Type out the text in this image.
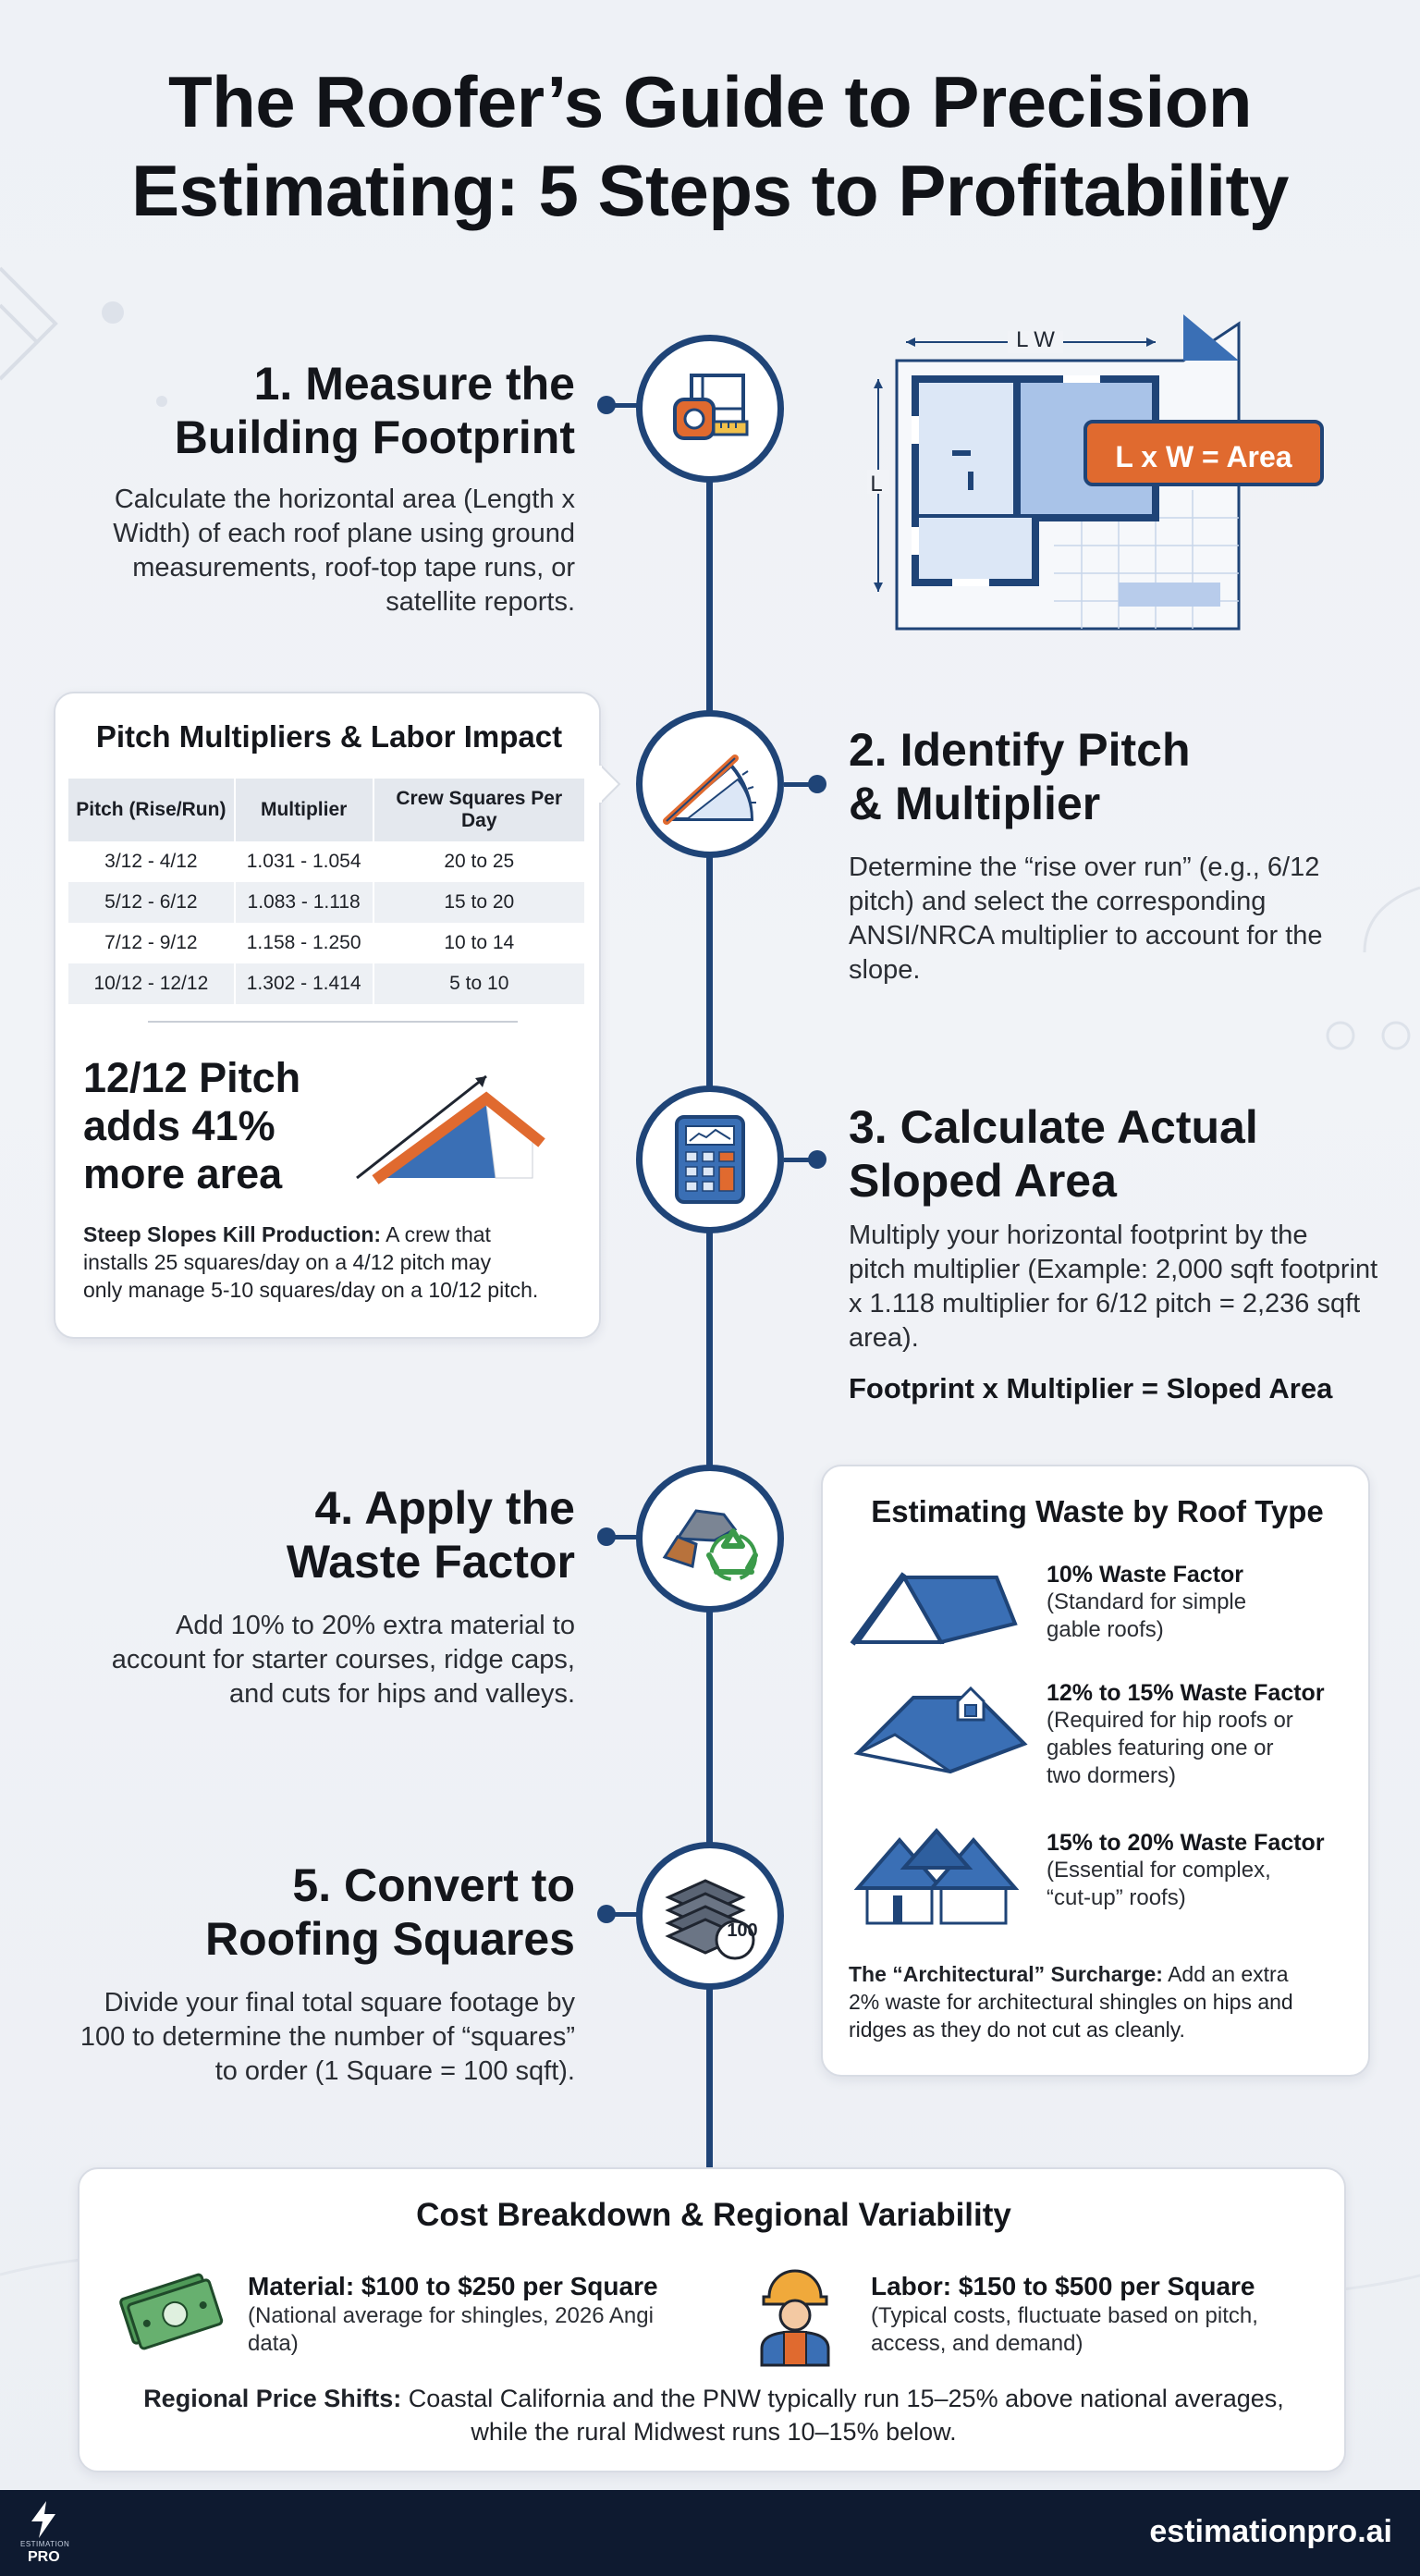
The Roofer’s Guide to Precision
Estimating: 5 Steps to Profitability
1. Measure the
Building Footprint
Calculate the horizontal area (Length x
Width) of each roof plane using ground
measurements, roof-top tape runs, or
satellite reports.
L W
L
L x W = Area
2. Identify Pitch
& Multiplier
Determine the “rise over run” (e.g., 6/12
pitch) and select the corresponding
ANSI/NRCA multiplier to account for the
slope.
Pitch Multipliers & Labor Impact
Pitch (Rise/Run)	Multiplier	Crew Squares Per Day
3/12 - 4/12	1.031 - 1.054	20 to 25
5/12 - 6/12	1.083 - 1.118	15 to 20
7/12 - 9/12	1.158 - 1.250	10 to 14
10/12 - 12/12	1.302 - 1.414	5 to 10
12/12 Pitch
adds 41%
more area
Steep Slopes Kill Production: A crew that
installs 25 squares/day on a 4/12 pitch may
only manage 5-10 squares/day on a 10/12 pitch.
3. Calculate Actual
Sloped Area
Multiply your horizontal footprint by the
pitch multiplier (Example: 2,000 sqft footprint
x 1.118 multiplier for 6/12 pitch = 2,236 sqft
area).
Footprint x Multiplier = Sloped Area
4. Apply the
Waste Factor
Add 10% to 20% extra material to
account for starter courses, ridge caps,
and cuts for hips and valleys.
Estimating Waste by Roof Type
10% Waste Factor
(Standard for simple
gable roofs)
12% to 15% Waste Factor
(Required for hip roofs or
gables featuring one or
two dormers)
15% to 20% Waste Factor
(Essential for complex,
“cut-up” roofs)
The “Architectural” Surcharge: Add an extra
2% waste for architectural shingles on hips and
ridges as they do not cut as cleanly.
5. Convert to
Roofing Squares
Divide your final total square footage by
100 to determine the number of “squares”
to order (1 Square = 100 sqft).
100
Cost Breakdown & Regional Variability
Material: $100 to $250 per Square
(National average for shingles, 2026 Angi
data)
Labor: $150 to $500 per Square
(Typical costs, fluctuate based on pitch,
access, and demand)
Regional Price Shifts: Coastal California and the PNW typically run 15–25% above national averages,
while the rural Midwest runs 10–15% below.
ESTIMATION
PRO
estimationpro.ai
